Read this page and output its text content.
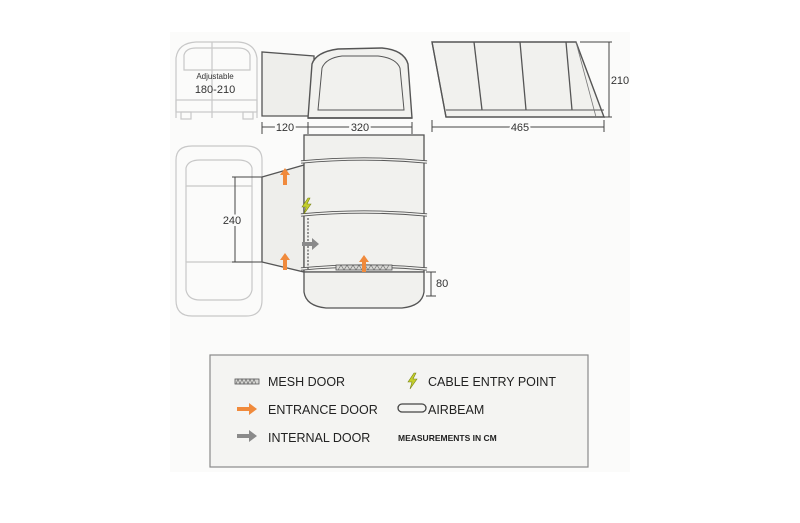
Adjustable
180-210
120	320
210
465
240
80
MESH DOOR
ENTRANCE DOOR
INTERNAL DOOR
CABLE ENTRY POINT
AIRBEAM
MEASUREMENTS IN CM
